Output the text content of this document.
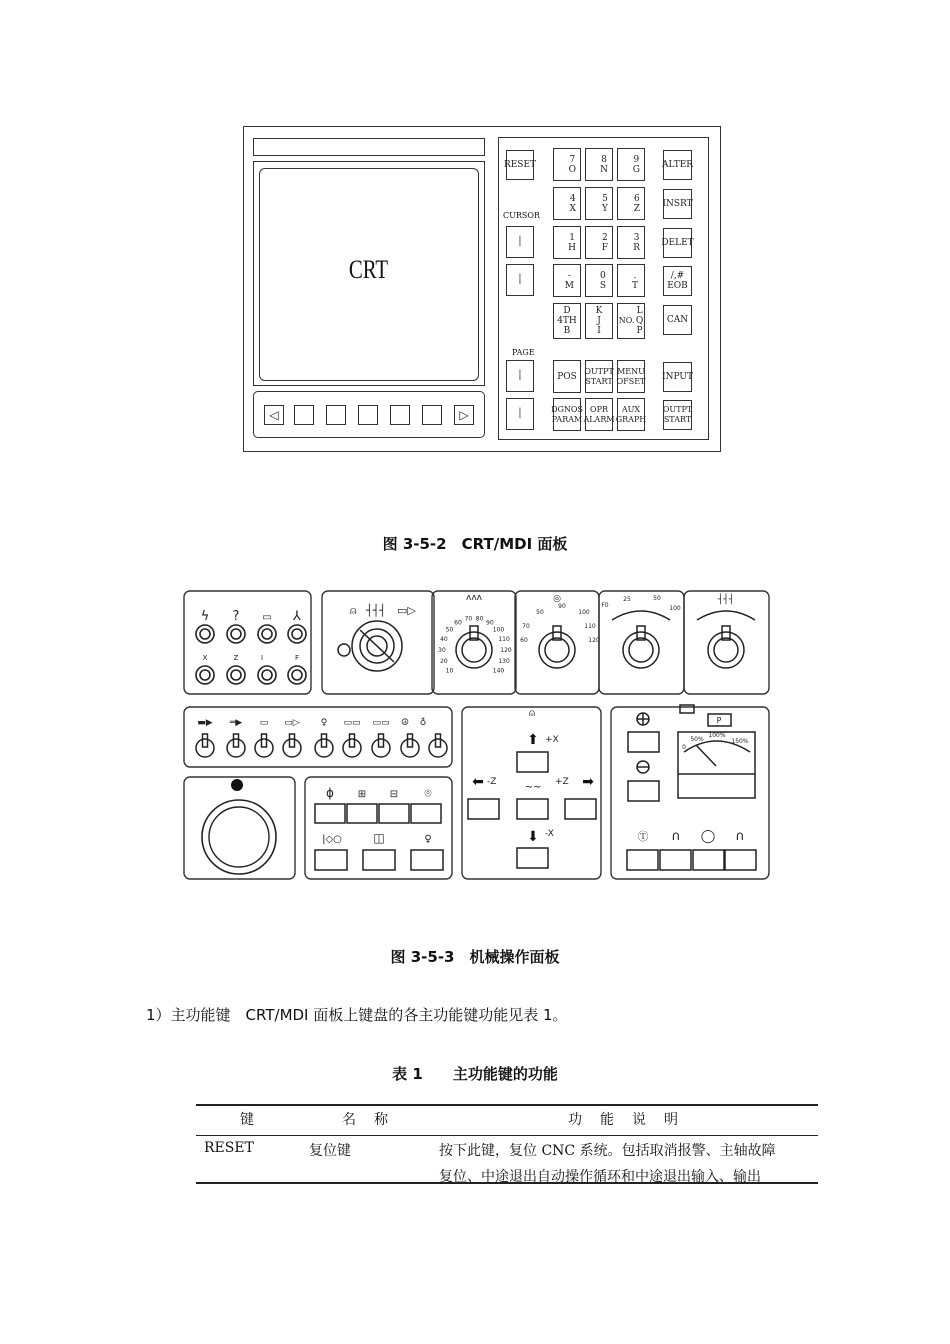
CRT
◁	▷
RESET
CURSOR
│
│
PAGE
│
│
7
O
8
N
9
G
4
X
5
Y
6
Z
1
H
2
F
3
R
-
M
0
S
.
T
D
4TH
B
K
J
I
NO.
L
Q
P
ALTER
INSRT
DELET
/,#
EOB
CAN
POS
OUTPT
START
MENU
OFSET INPUT
DGNOS
PARAM
OPR
ALARM
AUX
GRAPH
OUTPT
START
图 3-5-2　CRT/MDI 面板
ϟ ? ▭ ⅄
X	Z	I	F
⍝ ┤┤┤ ▭▷
10
20
30
40
50
60
70 80
90
100
110
120
130
140
ʌʌʌ	◎
50
90
100
70	110
60	120
25	50
100
F0
┤┤┤
▬▶ ═▶ ▭ ▭▷ ♀ ▭▭ ▭▭ ☮ ♁
ϕ ⊞ ⊟ ⌾
|◇○	◫	♀
⬆
⬅	➡
⬇
~~
⍝
+X
-Z	+Z
-X
0
50%
100%
150%
P
Ⓣ ∩ ◯ ∩
图 3-5-3　机械操作面板
1）主功能键　CRT/MDI 面板上键盘的各主功能键功能见表 1。
表 1　　主功能键的功能
键	名　称	功　能　说　明
RESET	复位键	按下此键，复位 CNC 系统。包括取消报警、主轴故障
复位、中途退出自动操作循环和中途退出输入、输出
